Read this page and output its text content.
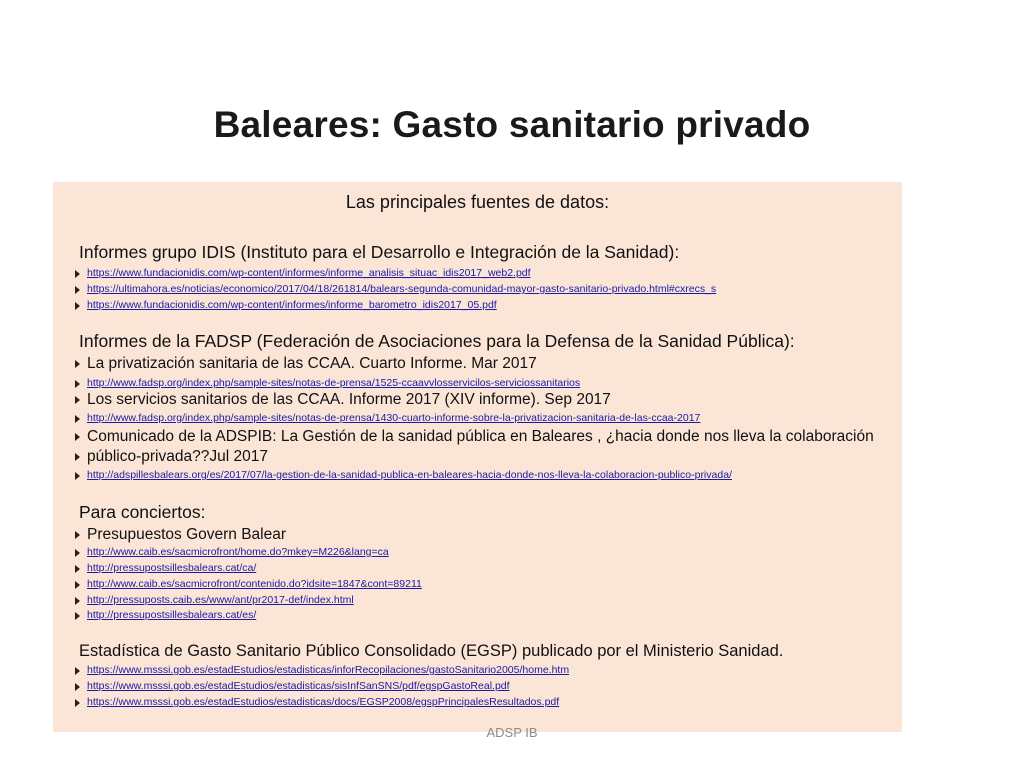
Baleares: Gasto sanitario privado
Las principales fuentes de datos:
Informes grupo IDIS (Instituto para el Desarrollo e Integración de la Sanidad):
https://www.fundacionidis.com/wp-content/informes/informe_analisis_situac_idis2017_web2.pdf
https://ultimahora.es/noticias/economico/2017/04/18/261814/balears-segunda-comunidad-mayor-gasto-sanitario-privado.html#cxrecs_s
https://www.fundacionidis.com/wp-content/informes/informe_barometro_idis2017_05.pdf
Informes de la FADSP (Federación de Asociaciones para la Defensa de la Sanidad Pública):
La privatización sanitaria de las CCAA. Cuarto Informe. Mar 2017
http://www.fadsp.org/index.php/sample-sites/notas-de-prensa/1525-ccaavvlosservicilos-serviciossanitarios
Los servicios sanitarios de las CCAA. Informe 2017 (XIV informe). Sep 2017
http://www.fadsp.org/index.php/sample-sites/notas-de-prensa/1430-cuarto-informe-sobre-la-privatizacion-sanitaria-de-las-ccaa-2017
Comunicado de la ADSPIB: La Gestión de la sanidad pública en Baleares , ¿hacia donde nos lleva la colaboración
público-privada??Jul 2017
http://adspillesbalears.org/es/2017/07/la-gestion-de-la-sanidad-publica-en-baleares-hacia-donde-nos-lleva-la-colaboracion-publico-privada/
Para conciertos:
Presupuestos Govern Balear
http://www.caib.es/sacmicrofront/home.do?mkey=M226&lang=ca
http://pressupostsillesbalears.cat/ca/
http://www.caib.es/sacmicrofront/contenido.do?idsite=1847&cont=89211
http://pressuposts.caib.es/www/ant/pr2017-def/index.html
http://pressupostsillesbalears.cat/es/
Estadística de Gasto Sanitario Público Consolidado (EGSP) publicado por el Ministerio Sanidad.
https://www.msssi.gob.es/estadEstudios/estadisticas/inforRecopilaciones/gastoSanitario2005/home.htm
https://www.msssi.gob.es/estadEstudios/estadisticas/sisInfSanSNS/pdf/egspGastoReal.pdf
https://www.msssi.gob.es/estadEstudios/estadisticas/docs/EGSP2008/egspPrincipalesResultados.pdf
ADSP IB
